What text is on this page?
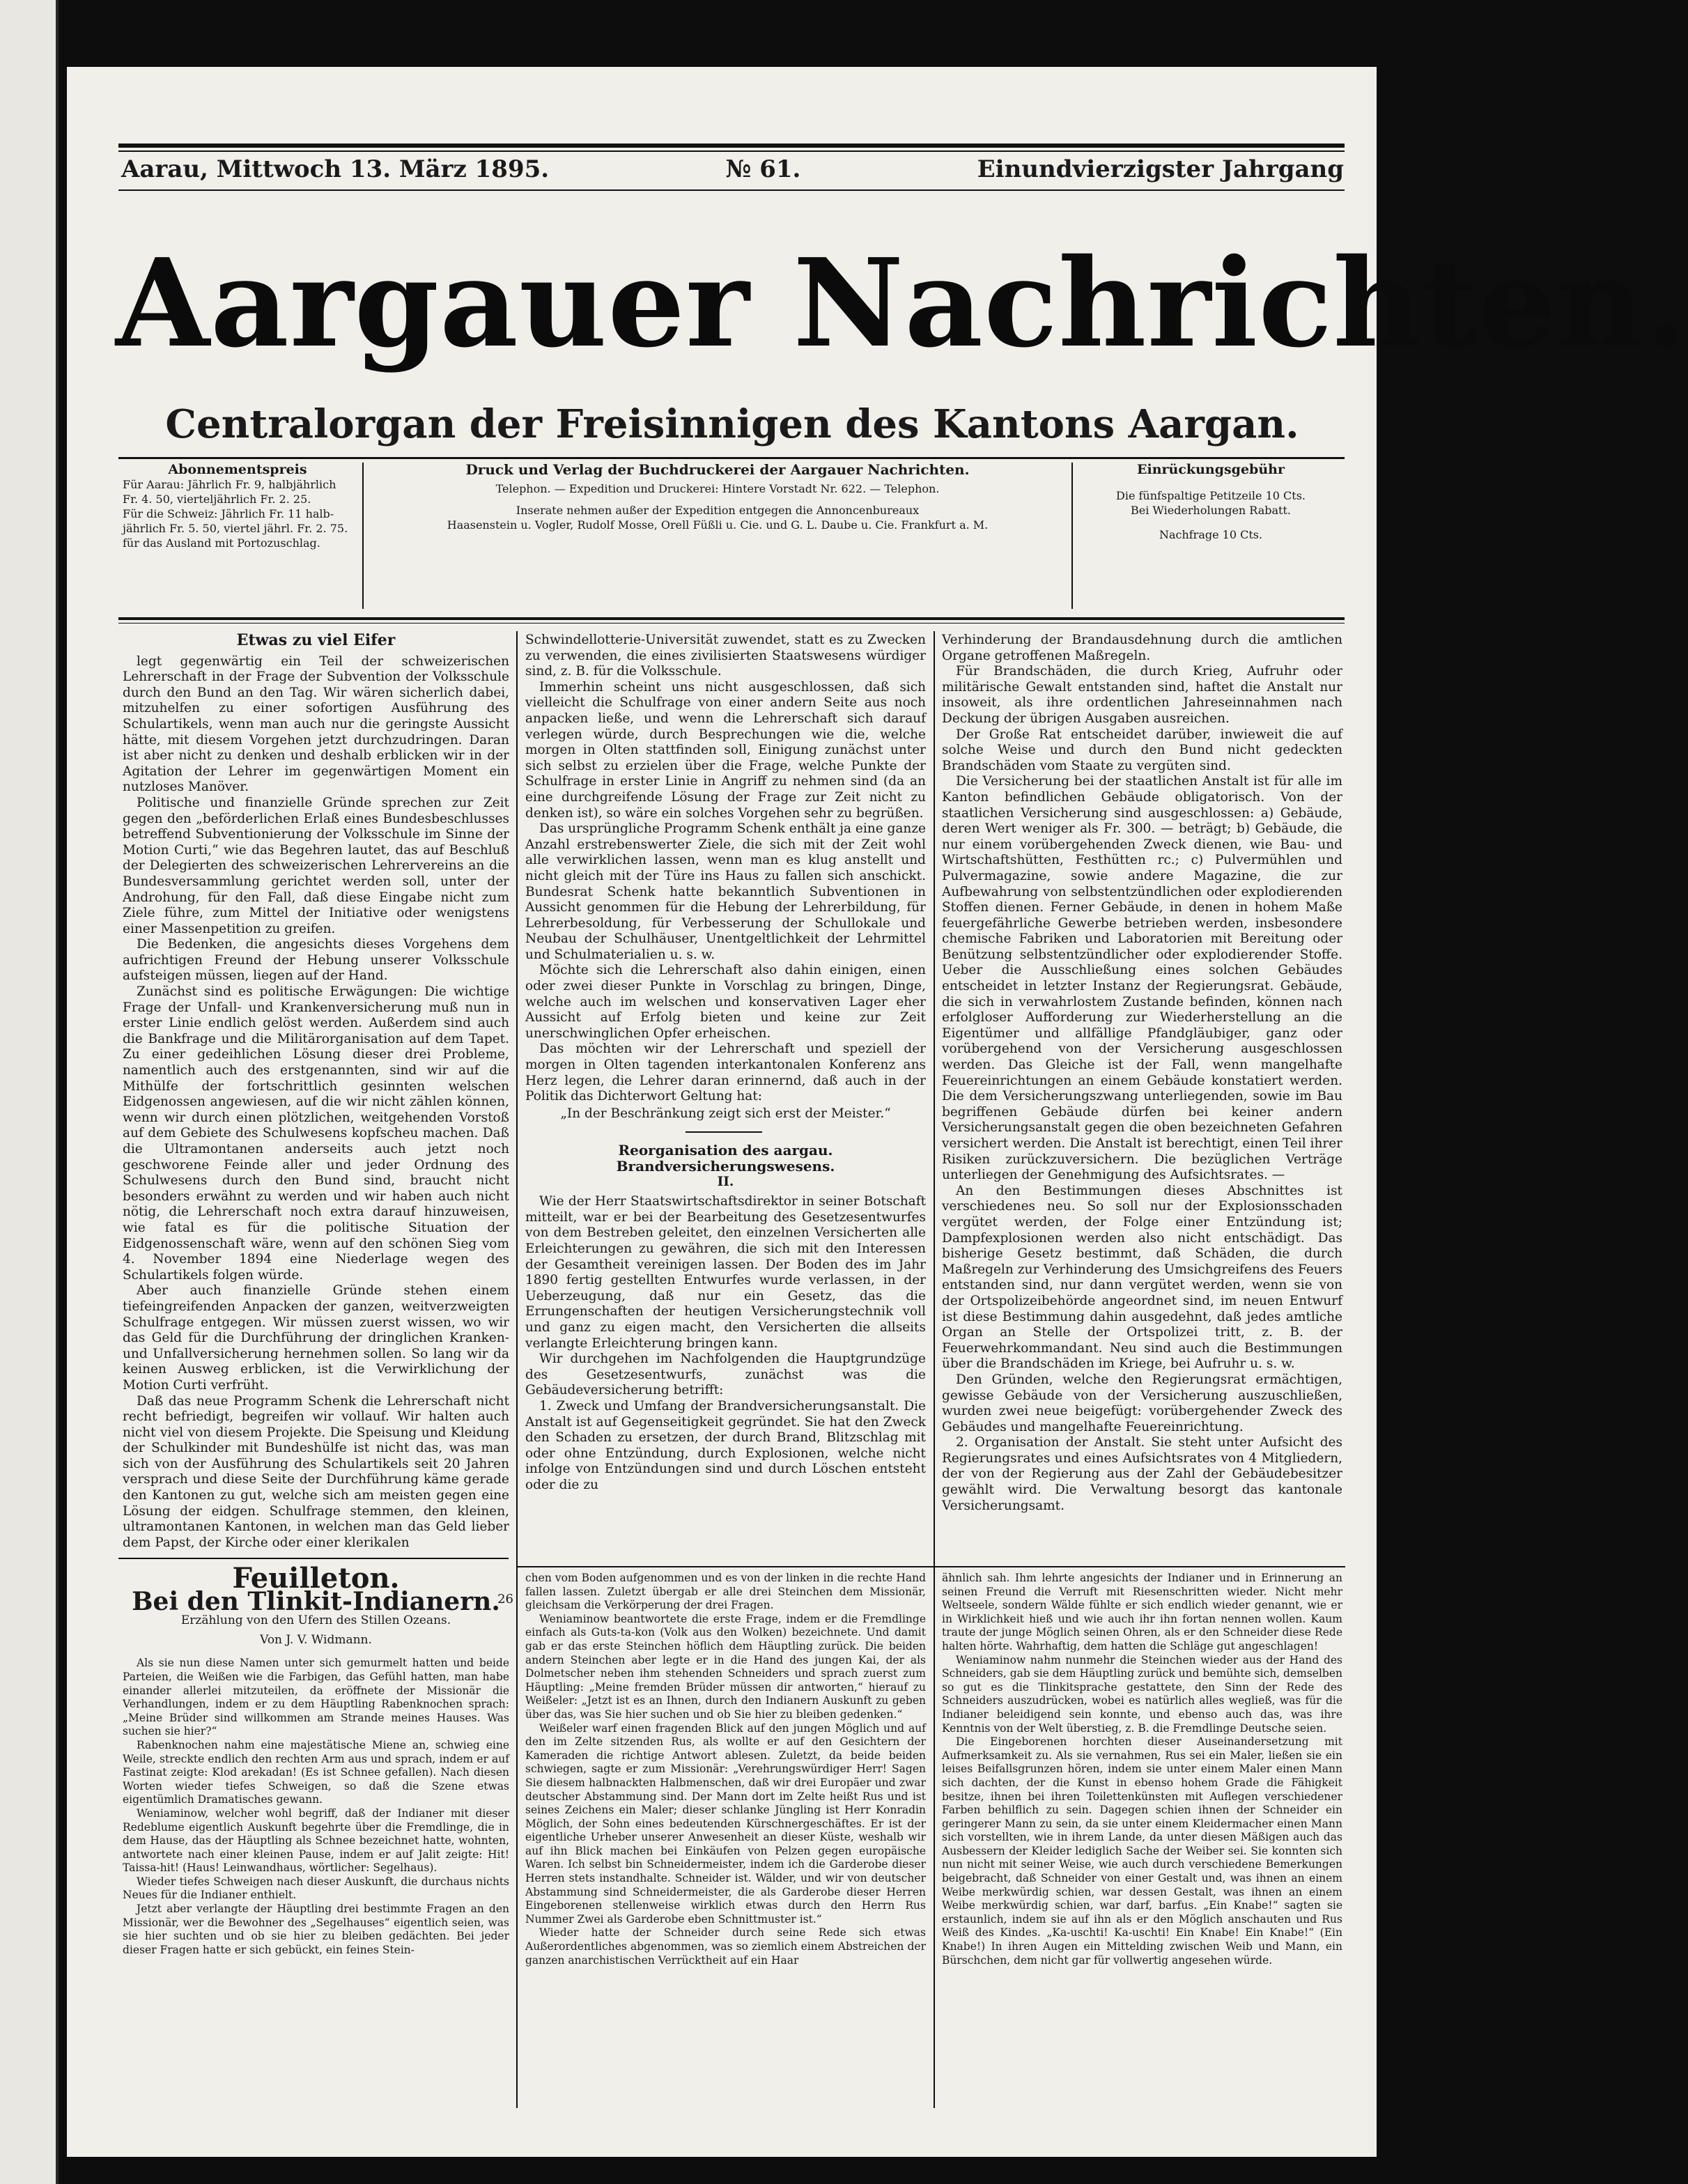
Aarau, Mittwoch 13. März 1895.	№ 61.	Einundvierzigster Jahrgang
Aargauer Nachrichten.
Centralorgan der Freisinnigen des Kantons Aargan.
Abonnementspreis
Für Aarau: Jährlich Fr. 9, halbjährlich
Fr. 4. 50, vierteljährlich Fr. 2. 25.
Für die Schweiz: Jährlich Fr. 11 halb-
jährlich Fr. 5. 50, viertel jährl. Fr. 2. 75.
für das Ausland mit Portozuschlag.
Druck und Verlag der Buchdruckerei der Aargauer Nachrichten.
Telephon. — Expedition und Druckerei: Hintere Vorstadt Nr. 622. — Telephon.
Inserate nehmen außer der Expedition entgegen die Annoncenbureaux
Haasenstein u. Vogler, Rudolf Mosse, Orell Füßli u. Cie. und G. L. Daube u. Cie. Frankfurt a. M.
Einrückungsgebühr
Die fünfspaltige Petitzeile 10 Cts.
Bei Wiederholungen Rabatt.
Nachfrage 10 Cts.
Etwas zu viel Eifer

legt gegenwärtig ein Teil der schweizerischen Lehrerschaft in der Frage der Subvention der Volksschule durch den Bund an den Tag. Wir wären sicherlich dabei, mitzuhelfen zu einer sofortigen Ausführung des Schulartikels, wenn man auch nur die geringste Aussicht hätte, mit diesem Vorgehen jetzt durchzudringen. Daran ist aber nicht zu denken und deshalb erblicken wir in der Agitation der Lehrer im gegenwärtigen Moment ein nutzloses Manöver.

Politische und finanzielle Gründe sprechen zur Zeit gegen den „beförderlichen Erlaß eines Bundesbeschlusses betreffend Subventionierung der Volksschule im Sinne der Motion Curti,“ wie das Begehren lautet, das auf Beschluß der Delegierten des schweizerischen Lehrervereins an die Bundesversammlung gerichtet werden soll, unter der Androhung, für den Fall, daß diese Eingabe nicht zum Ziele führe, zum Mittel der Initiative oder wenigstens einer Massenpetition zu greifen.

Die Bedenken, die angesichts dieses Vorgehens dem aufrichtigen Freund der Hebung unserer Volksschule aufsteigen müssen, liegen auf der Hand.

Zunächst sind es politische Erwägungen: Die wichtige Frage der Unfall- und Krankenversicherung muß nun in erster Linie endlich gelöst werden. Außerdem sind auch die Bankfrage und die Militärorganisation auf dem Tapet. Zu einer gedeihlichen Lösung dieser drei Probleme, namentlich auch des erstgenannten, sind wir auf die Mithülfe der fortschrittlich gesinnten welschen Eidgenossen angewiesen, auf die wir nicht zählen können, wenn wir durch einen plötzlichen, weitgehenden Vorstoß auf dem Gebiete des Schulwesens kopfscheu machen. Daß die Ultramontanen anderseits auch jetzt noch geschworene Feinde aller und jeder Ordnung des Schulwesens durch den Bund sind, braucht nicht besonders erwähnt zu werden und wir haben auch nicht nötig, die Lehrerschaft noch extra darauf hinzuweisen, wie fatal es für die politische Situation der Eidgenossenschaft wäre, wenn auf den schönen Sieg vom 4. November 1894 eine Niederlage wegen des Schulartikels folgen würde.

Aber auch finanzielle Gründe stehen einem tiefeingreifenden Anpacken der ganzen, weitverzweigten Schulfrage entgegen. Wir müssen zuerst wissen, wo wir das Geld für die Durchführung der dringlichen Kranken- und Unfallversicherung hernehmen sollen. So lang wir da keinen Ausweg erblicken, ist die Verwirklichung der Motion Curti verfrüht.

Daß das neue Programm Schenk die Lehrerschaft nicht recht befriedigt, begreifen wir vollauf. Wir halten auch nicht viel von diesem Projekte. Die Speisung und Kleidung der Schulkinder mit Bundeshülfe ist nicht das, was man sich von der Ausführung des Schulartikels seit 20 Jahren versprach und diese Seite der Durchführung käme gerade den Kantonen zu gut, welche sich am meisten gegen eine Lösung der eidgen. Schulfrage stemmen, den kleinen, ultramontanen Kantonen, in welchen man das Geld lieber dem Papst, der Kirche oder einer klerikalen

Schwindellotterie-Universität zuwendet, statt es zu Zwecken zu verwenden, die eines zivilisierten Staatswesens würdiger sind, z. B. für die Volksschule.

Immerhin scheint uns nicht ausgeschlossen, daß sich vielleicht die Schulfrage von einer andern Seite aus noch anpacken ließe, und wenn die Lehrerschaft sich darauf verlegen würde, durch Besprechungen wie die, welche morgen in Olten stattfinden soll, Einigung zunächst unter sich selbst zu erzielen über die Frage, welche Punkte der Schulfrage in erster Linie in Angriff zu nehmen sind (da an eine durchgreifende Lösung der Frage zur Zeit nicht zu denken ist), so wäre ein solches Vorgehen sehr zu begrüßen.

Das ursprüngliche Programm Schenk enthält ja eine ganze Anzahl erstrebenswerter Ziele, die sich mit der Zeit wohl alle verwirklichen lassen, wenn man es klug anstellt und nicht gleich mit der Türe ins Haus zu fallen sich anschickt. Bundesrat Schenk hatte bekanntlich Subventionen in Aussicht genommen für die Hebung der Lehrerbildung, für Lehrerbesoldung, für Verbesserung der Schullokale und Neubau der Schulhäuser, Unentgeltlichkeit der Lehrmittel und Schulmaterialien u. s. w.

Möchte sich die Lehrerschaft also dahin einigen, einen oder zwei dieser Punkte in Vorschlag zu bringen, Dinge, welche auch im welschen und konservativen Lager eher Aussicht auf Erfolg bieten und keine zur Zeit unerschwinglichen Opfer erheischen.

Das möchten wir der Lehrerschaft und speziell der morgen in Olten tagenden interkantonalen Konferenz ans Herz legen, die Lehrer daran erinnernd, daß auch in der Politik das Dichterwort Geltung hat:

„In der Beschränkung zeigt sich erst der Meister.“

Reorganisation des aargau. Brandversicherungswesens.
II.

Wie der Herr Staatswirtschaftsdirektor in seiner Botschaft mitteilt, war er bei der Bearbeitung des Gesetzesentwurfes von dem Bestreben geleitet, den einzelnen Versicherten alle Erleichterungen zu gewähren, die sich mit den Interessen der Gesamtheit vereinigen lassen. Der Boden des im Jahr 1890 fertig gestellten Entwurfes wurde verlassen, in der Ueberzeugung, daß nur ein Gesetz, das die Errungenschaften der heutigen Versicherungstechnik voll und ganz zu eigen macht, den Versicherten die allseits verlangte Erleichterung bringen kann.

Wir durchgehen im Nachfolgenden die Hauptgrundzüge des Gesetzesentwurfs, zunächst was die Gebäudeversicherung betrifft:

1. Zweck und Umfang der Brandversicherungsanstalt. Die Anstalt ist auf Gegenseitigkeit gegründet. Sie hat den Zweck den Schaden zu ersetzen, der durch Brand, Blitzschlag mit oder ohne Entzündung, durch Explosionen, welche nicht infolge von Entzündungen sind und durch Löschen entsteht oder die zu

Verhinderung der Brandausdehnung durch die amtlichen Organe getroffenen Maßregeln.

Für Brandschäden, die durch Krieg, Aufruhr oder militärische Gewalt entstanden sind, haftet die Anstalt nur insoweit, als ihre ordentlichen Jahreseinnahmen nach Deckung der übrigen Ausgaben ausreichen.

Der Große Rat entscheidet darüber, inwieweit die auf solche Weise und durch den Bund nicht gedeckten Brandschäden vom Staate zu vergüten sind.

Die Versicherung bei der staatlichen Anstalt ist für alle im Kanton befindlichen Gebäude obligatorisch. Von der staatlichen Versicherung sind ausgeschlossen: a) Gebäude, deren Wert weniger als Fr. 300. — beträgt; b) Gebäude, die nur einem vorübergehenden Zweck dienen, wie Bau- und Wirtschaftshütten, Festhütten rc.; c) Pulvermühlen und Pulvermagazine, sowie andere Magazine, die zur Aufbewahrung von selbstentzündlichen oder explodierenden Stoffen dienen. Ferner Gebäude, in denen in hohem Maße feuergefährliche Gewerbe betrieben werden, insbesondere chemische Fabriken und Laboratorien mit Bereitung oder Benützung selbstentzündlicher oder explodierender Stoffe. Ueber die Ausschließung eines solchen Gebäudes entscheidet in letzter Instanz der Regierungsrat. Gebäude, die sich in verwahrlostem Zustande befinden, können nach erfolgloser Aufforderung zur Wiederherstellung an die Eigentümer und allfällige Pfandgläubiger, ganz oder vorübergehend von der Versicherung ausgeschlossen werden. Das Gleiche ist der Fall, wenn mangelhafte Feuereinrichtungen an einem Gebäude konstatiert werden. Die dem Versicherungszwang unterliegenden, sowie im Bau begriffenen Gebäude dürfen bei keiner andern Versicherungsanstalt gegen die oben bezeichneten Gefahren versichert werden. Die Anstalt ist berechtigt, einen Teil ihrer Risiken zurückzuversichern. Die bezüglichen Verträge unterliegen der Genehmigung des Aufsichtsrates. —

An den Bestimmungen dieses Abschnittes ist verschiedenes neu. So soll nur der Explosionsschaden vergütet werden, der Folge einer Entzündung ist; Dampfexplosionen werden also nicht entschädigt. Das bisherige Gesetz bestimmt, daß Schäden, die durch Maßregeln zur Verhinderung des Umsichgreifens des Feuers entstanden sind, nur dann vergütet werden, wenn sie von der Ortspolizeibehörde angeordnet sind, im neuen Entwurf ist diese Bestimmung dahin ausgedehnt, daß jedes amtliche Organ an Stelle der Ortspolizei tritt, z. B. der Feuerwehrkommandant. Neu sind auch die Bestimmungen über die Brandschäden im Kriege, bei Aufruhr u. s. w.

Den Gründen, welche den Regierungsrat ermächtigen, gewisse Gebäude von der Versicherung auszuschließen, wurden zwei neue beigefügt: vorübergehender Zweck des Gebäudes und mangelhafte Feuereinrichtung.

2. Organisation der Anstalt. Sie steht unter Aufsicht des Regierungsrates und eines Aufsichtsrates von 4 Mitgliedern, der von der Regierung aus der Zahl der Gebäudebesitzer gewählt wird. Die Verwaltung besorgt das kantonale Versicherungsamt.

Feuilleton.
Bei den Tlinkit-Indianern.
26
Erzählung von den Ufern des Stillen Ozeans.
Von J. V. Widmann.

Als sie nun diese Namen unter sich gemurmelt hatten und beide Parteien, die Weißen wie die Farbigen, das Gefühl hatten, man habe einander allerlei mitzuteilen, da eröffnete der Missionär die Verhandlungen, indem er zu dem Häuptling Rabenknochen sprach: „Meine Brüder sind willkommen am Strande meines Hauses. Was suchen sie hier?“

Rabenknochen nahm eine majestätische Miene an, schwieg eine Weile, streckte endlich den rechten Arm aus und sprach, indem er auf Fastinat zeigte: Klod arekadan! (Es ist Schnee gefallen). Nach diesen Worten wieder tiefes Schweigen, so daß die Szene etwas eigentümlich Dramatisches gewann.

Weniaminow, welcher wohl begriff, daß der Indianer mit dieser Redeblume eigentlich Auskunft begehrte über die Fremdlinge, die in dem Hause, das der Häuptling als Schnee bezeichnet hatte, wohnten, antwortete nach einer kleinen Pause, indem er auf Jalit zeigte: Hit! Taissa-hit! (Haus! Leinwandhaus, wörtlicher: Segelhaus).

Wieder tiefes Schweigen nach dieser Auskunft, die durchaus nichts Neues für die Indianer enthielt.

Jetzt aber verlangte der Häuptling drei bestimmte Fragen an den Missionär, wer die Bewohner des „Segelhauses“ eigentlich seien, was sie hier suchten und ob sie hier zu bleiben gedächten. Bei jeder dieser Fragen hatte er sich gebückt, ein feines Stein-

chen vom Boden aufgenommen und es von der linken in die rechte Hand fallen lassen. Zuletzt übergab er alle drei Steinchen dem Missionär, gleichsam die Verkörperung der drei Fragen.

Weniaminow beantwortete die erste Frage, indem er die Fremdlinge einfach als Guts-ta-kon (Volk aus den Wolken) bezeichnete. Und damit gab er das erste Steinchen höflich dem Häuptling zurück. Die beiden andern Steinchen aber legte er in die Hand des jungen Kai, der als Dolmetscher neben ihm stehenden Schneiders und sprach zuerst zum Häuptling: „Meine fremden Brüder müssen dir antworten,“ hierauf zu Weißeler: „Jetzt ist es an Ihnen, durch den Indianern Auskunft zu geben über das, was Sie hier suchen und ob Sie hier zu bleiben gedenken.“

Weißeler warf einen fragenden Blick auf den jungen Möglich und auf den im Zelte sitzenden Rus, als wollte er auf den Gesichtern der Kameraden die richtige Antwort ablesen. Zuletzt, da beide beiden schwiegen, sagte er zum Missionär: „Verehrungswürdiger Herr! Sagen Sie diesem halbnackten Halbmenschen, daß wir drei Europäer und zwar deutscher Abstammung sind. Der Mann dort im Zelte heißt Rus und ist seines Zeichens ein Maler; dieser schlanke Jüngling ist Herr Konradin Möglich, der Sohn eines bedeutenden Kürschnergeschäftes. Er ist der eigentliche Urheber unserer Anwesenheit an dieser Küste, weshalb wir auf ihn Blick machen bei Einkäufen von Pelzen gegen europäische Waren. Ich selbst bin Schneidermeister, indem ich die Garderobe dieser Herren stets instandhalte. Schneider ist. Wälder, und wir von deutscher Abstammung sind Schneidermeister, die als Garderobe dieser Herren Eingeborenen stellenweise wirklich etwas durch den Herrn Rus Nummer Zwei als Garderobe eben Schnittmuster ist.“

Wieder hatte der Schneider durch seine Rede sich etwas Außerordentliches abgenommen, was so ziemlich einem Abstreichen der ganzen anarchistischen Verrücktheit auf ein Haar

ähnlich sah. Ihm lehrte angesichts der Indianer und in Erinnerung an seinen Freund die Verruft mit Riesenschritten wieder. Nicht mehr Weltseele, sondern Wälde fühlte er sich endlich wieder genannt, wie er in Wirklichkeit hieß und wie auch ihr ihn fortan nennen wollen. Kaum traute der junge Möglich seinen Ohren, als er den Schneider diese Rede halten hörte. Wahrhaftig, dem hatten die Schläge gut angeschlagen!

Weniaminow nahm nunmehr die Steinchen wieder aus der Hand des Schneiders, gab sie dem Häuptling zurück und bemühte sich, demselben so gut es die Tlinkitsprache gestattete, den Sinn der Rede des Schneiders auszudrücken, wobei es natürlich alles wegließ, was für die Indianer beleidigend sein konnte, und ebenso auch das, was ihre Kenntnis von der Welt überstieg, z. B. die Fremdlinge Deutsche seien.

Die Eingeborenen horchten dieser Auseinandersetzung mit Aufmerksamkeit zu. Als sie vernahmen, Rus sei ein Maler, ließen sie ein leises Beifallsgrunzen hören, indem sie unter einem Maler einen Mann sich dachten, der die Kunst in ebenso hohem Grade die Fähigkeit besitze, ihnen bei ihren Toilettenkünsten mit Auflegen verschiedener Farben behilflich zu sein. Dagegen schien ihnen der Schneider ein geringerer Mann zu sein, da sie unter einem Kleidermacher einen Mann sich vorstellten, wie in ihrem Lande, da unter diesen Mäßigen auch das Ausbessern der Kleider lediglich Sache der Weiber sei. Sie konnten sich nun nicht mit seiner Weise, wie auch durch verschiedene Bemerkungen beigebracht, daß Schneider von einer Gestalt und, was ihnen an einem Weibe merkwürdig schien, war dessen Gestalt, was ihnen an einem Weibe merkwürdig schien, war darf, barfus. „Ein Knabe!“ sagten sie erstaunlich, indem sie auf ihn als er den Möglich anschauten und Rus Weiß des Kindes. „Ka-uschti! Ka-uschti! Ein Knabe! Ein Knabe!“ (Ein Knabe!) In ihren Augen ein Mittelding zwischen Weib und Mann, ein Bürschchen, dem nicht gar für vollwertig angesehen würde.
